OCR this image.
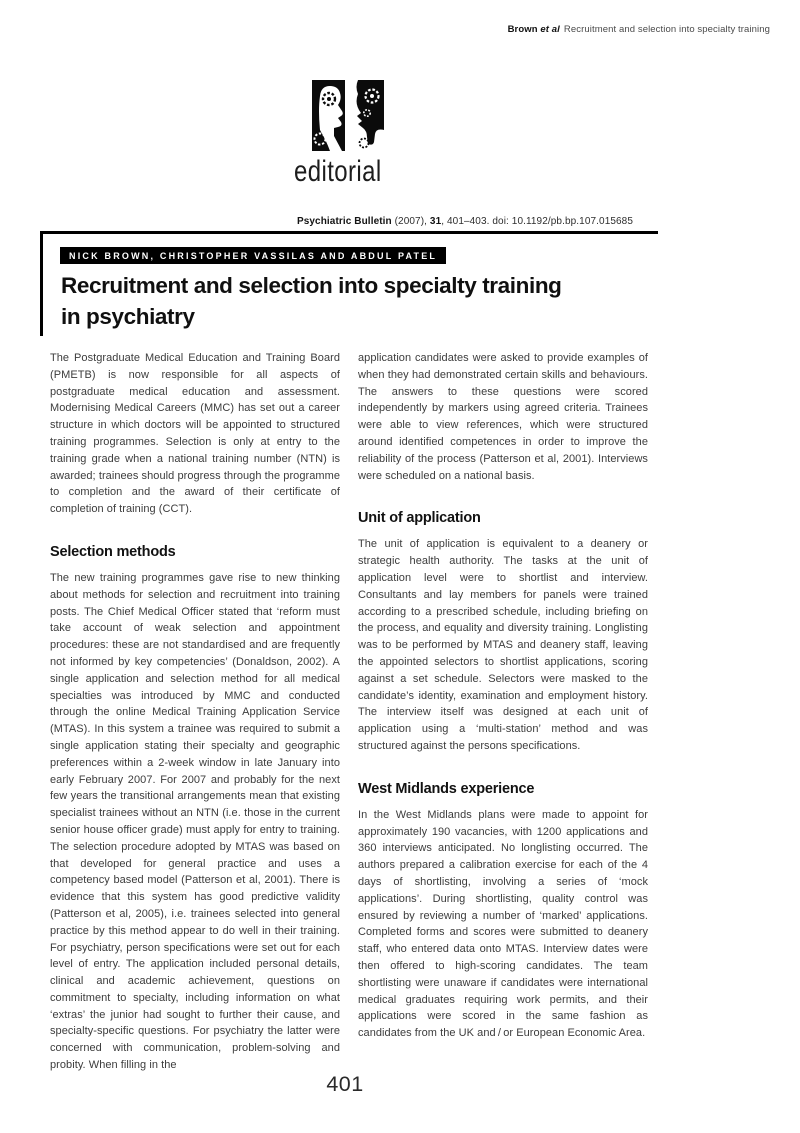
Brown et al Recruitment and selection into specialty training
editorial
Psychiatric Bulletin (2007), 31, 401–403. doi: 10.1192/pb.bp.107.015685
NICK BROWN, CHRISTOPHER VASSILAS AND ABDUL PATEL
Recruitment and selection into specialty training
in psychiatry

The Postgraduate Medical Education and Training Board (PMETB) is now responsible for all aspects of postgraduate medical education and assessment. Modernising Medical Careers (MMC) has set out a career structure in which doctors will be appointed to structured training programmes. Selection is only at entry to the training grade when a national training number (NTN) is awarded; trainees should progress through the programme to completion and the award of their certificate of completion of training (CCT).

Selection methods

The new training programmes gave rise to new thinking about methods for selection and recruitment into training posts. The Chief Medical Officer stated that ‘reform must take account of weak selection and appointment procedures: these are not standardised and are frequently not informed by key competencies’ (Donaldson, 2002). A single application and selection method for all medical specialties was introduced by MMC and conducted through the online Medical Training Application Service (MTAS). In this system a trainee was required to submit a single application stating their specialty and geographic preferences within a 2-week window in late January into early February 2007. For 2007 and probably for the next few years the transitional arrangements mean that existing specialist trainees without an NTN (i.e. those in the current senior house officer grade) must apply for entry to training. The selection procedure adopted by MTAS was based on that developed for general practice and uses a competency based model (Patterson et al, 2001). There is evidence that this system has good predictive validity (Patterson et al, 2005), i.e. trainees selected into general practice by this method appear to do well in their training. For psychiatry, person specifications were set out for each level of entry. The application included personal details, clinical and academic achievement, questions on commitment to specialty, including information on what ‘extras’ the junior had sought to further their cause, and specialty-specific questions. For psychiatry the latter were concerned with communication, problem-solving and probity. When filling in the

application candidates were asked to provide examples of when they had demonstrated certain skills and behaviours. The answers to these questions were scored independently by markers using agreed criteria. Trainees were able to view references, which were structured around identified competences in order to improve the reliability of the process (Patterson et al, 2001). Interviews were scheduled on a national basis.

Unit of application

The unit of application is equivalent to a deanery or strategic health authority. The tasks at the unit of application level were to shortlist and interview. Consultants and lay members for panels were trained according to a prescribed schedule, including briefing on the process, and equality and diversity training. Longlisting was to be performed by MTAS and deanery staff, leaving the appointed selectors to shortlist applications, scoring against a set schedule. Selectors were masked to the candidate’s identity, examination and employment history. The interview itself was designed at each unit of application using a ‘multi-station’ method and was structured against the persons specifications.

West Midlands experience

In the West Midlands plans were made to appoint for approximately 190 vacancies, with 1200 applications and 360 interviews anticipated. No longlisting occurred. The authors prepared a calibration exercise for each of the 4 days of shortlisting, involving a series of ‘mock applications’. During shortlisting, quality control was ensured by reviewing a number of ‘marked’ applications. Completed forms and scores were submitted to deanery staff, who entered data onto MTAS. Interview dates were then offered to high-scoring candidates. The team shortlisting were unaware if candidates were international medical graduates requiring work permits, and their applications were scored in the same fashion as candidates from the UK and / or European Economic Area.

401
